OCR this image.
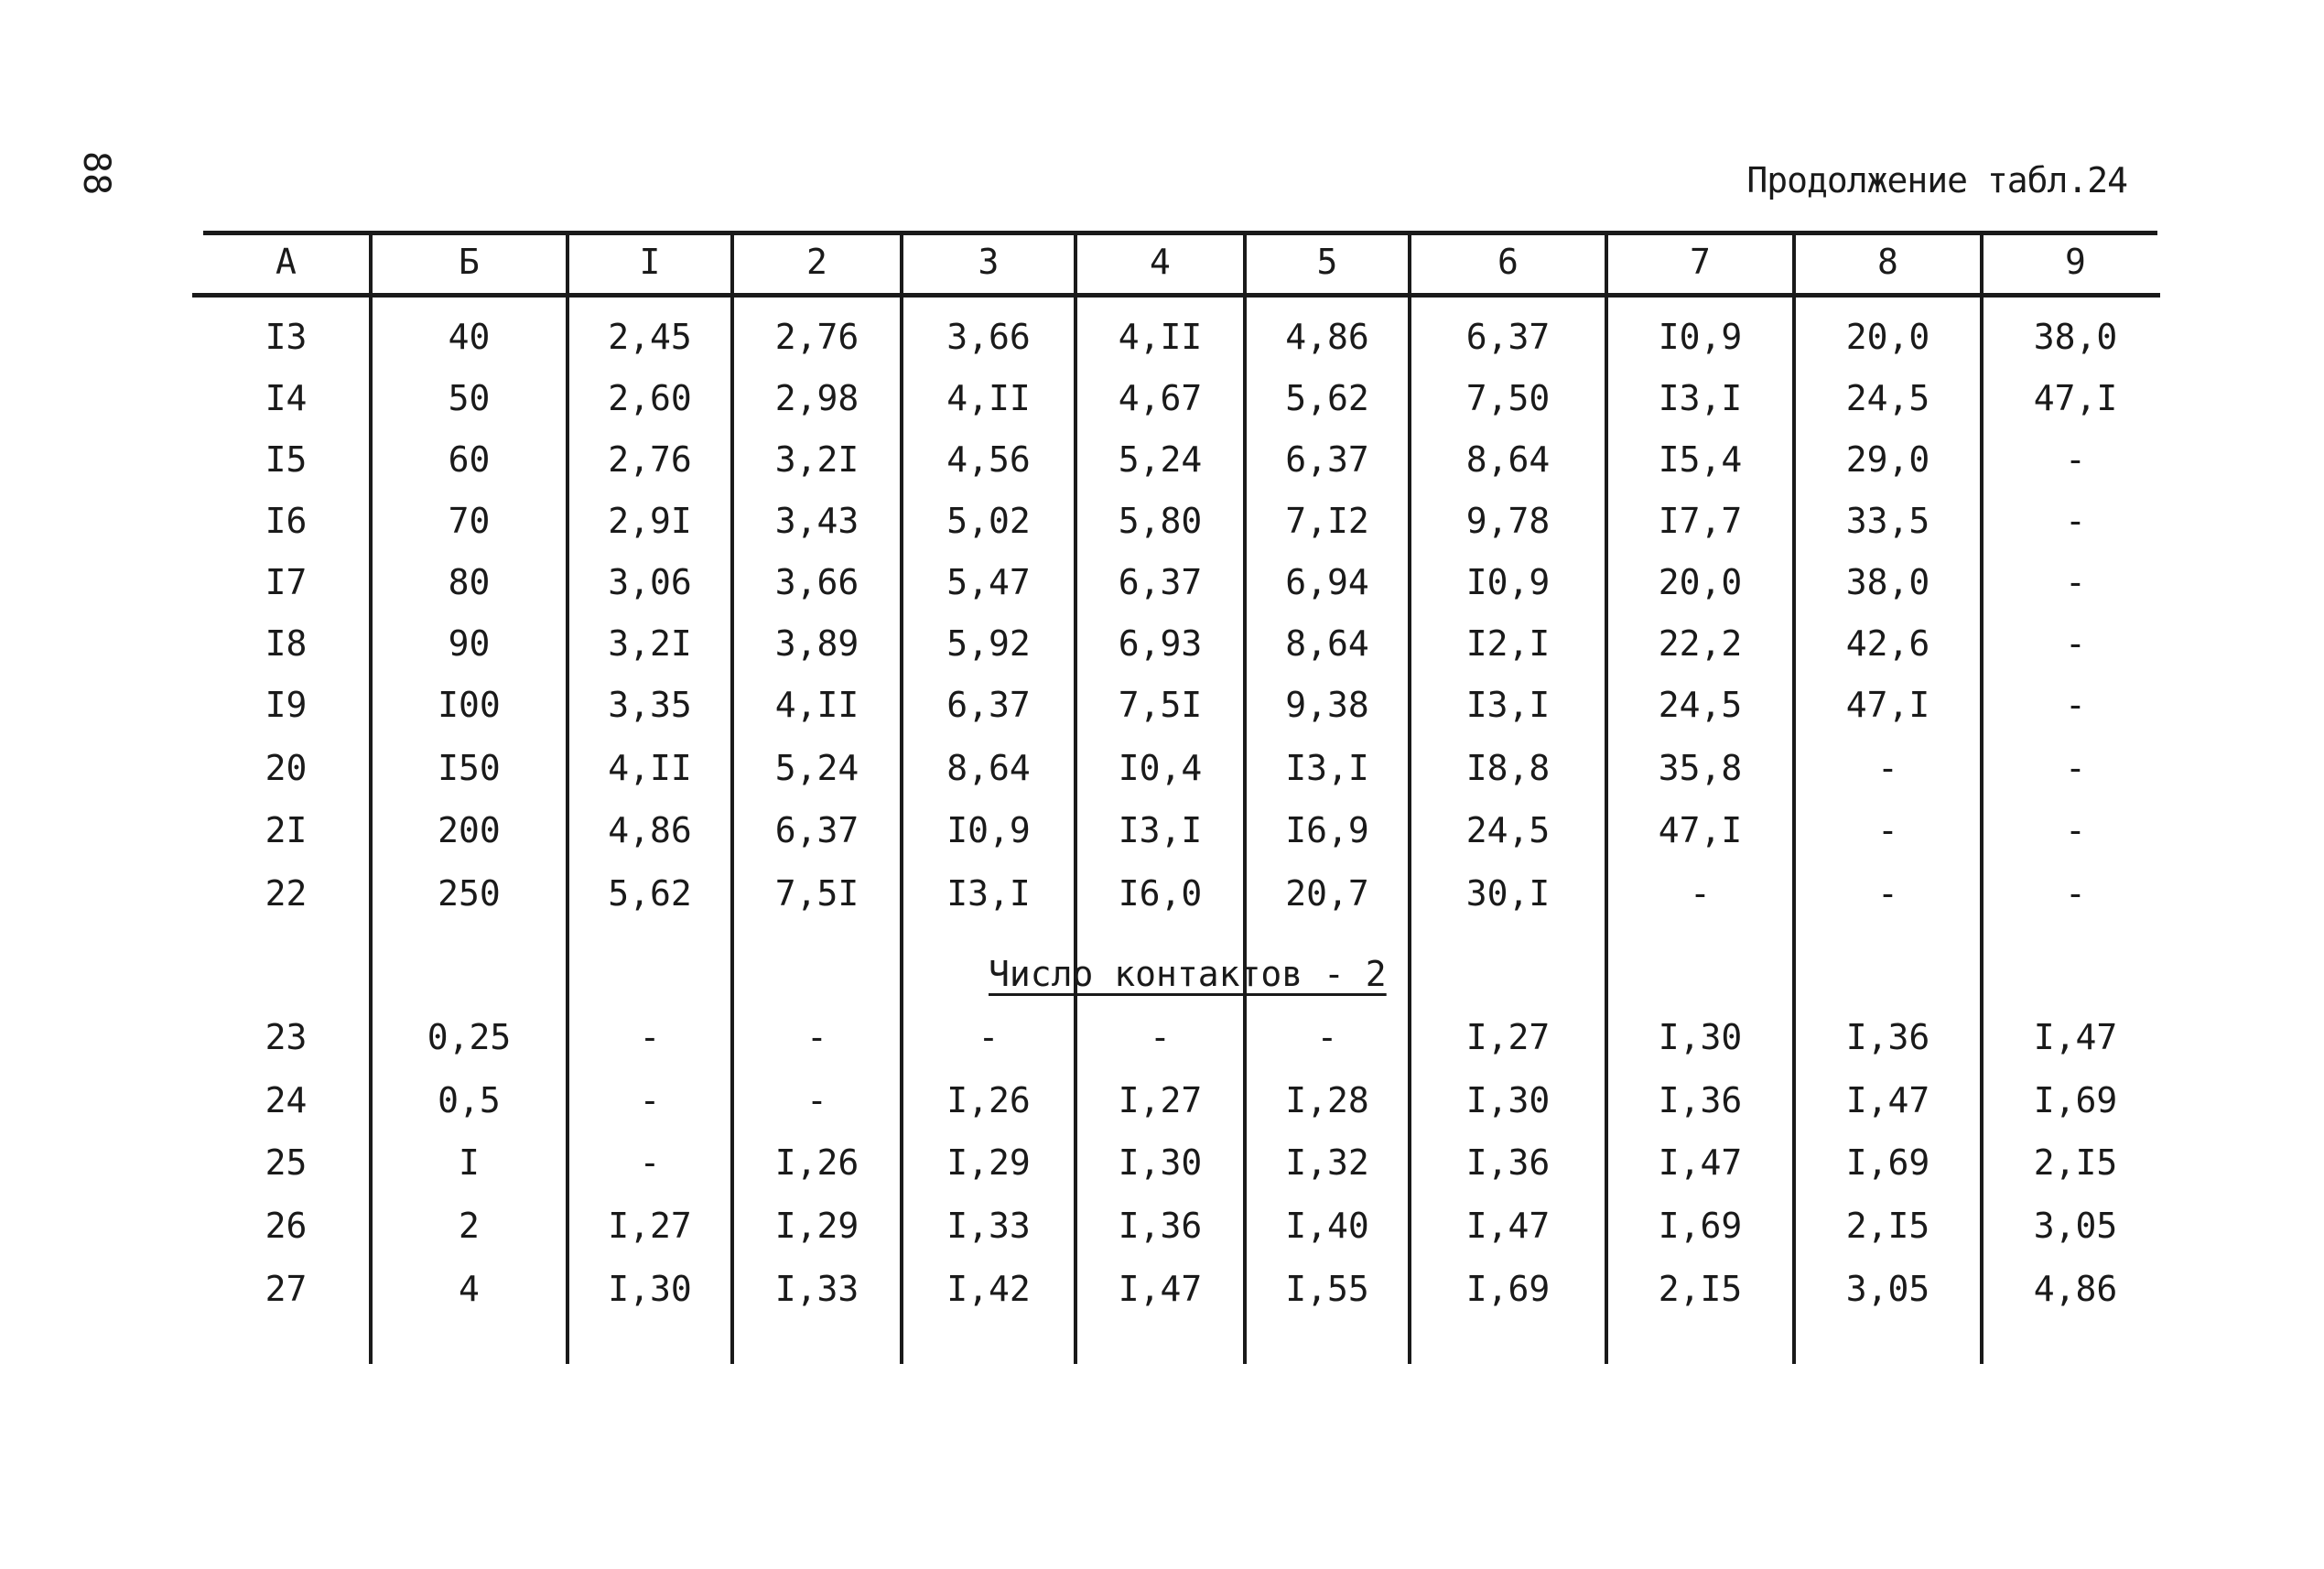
88	Продолжение табл.24
А	Б	I	2	3	4	5	6	7	8	9
I3	40	2,45	2,76	3,66	4,II	4,86	6,37	I0,9	20,0	38,0
I4	50	2,60	2,98	4,II	4,67	5,62	7,50	I3,I	24,5	47,I
I5	60	2,76	3,2I	4,56	5,24	6,37	8,64	I5,4	29,0	-
I6	70	2,9I	3,43	5,02	5,80	7,I2	9,78	I7,7	33,5	-
I7	80	3,06	3,66	5,47	6,37	6,94	I0,9	20,0	38,0	-
I8	90	3,2I	3,89	5,92	6,93	8,64	I2,I	22,2	42,6	-
I9	I00	3,35	4,II	6,37	7,5I	9,38	I3,I	24,5	47,I	-
20	I50	4,II	5,24	8,64	I0,4	I3,I	I8,8	35,8	-	-
2I	200	4,86	6,37	I0,9	I3,I	I6,9	24,5	47,I	-	-
22	250	5,62	7,5I	I3,I	I6,0	20,7	30,I	-	-	-
23	0,25	-	-	-	-	-	I,27	I,30	I,36	I,47
24	0,5	-	-	I,26	I,27	I,28	I,30	I,36	I,47	I,69
25	I	-	I,26	I,29	I,30	I,32	I,36	I,47	I,69	2,I5
26	2	I,27	I,29	I,33	I,36	I,40	I,47	I,69	2,I5	3,05
27	4	I,30	I,33	I,42	I,47	I,55	I,69	2,I5	3,05	4,86
Число контактов - 2
